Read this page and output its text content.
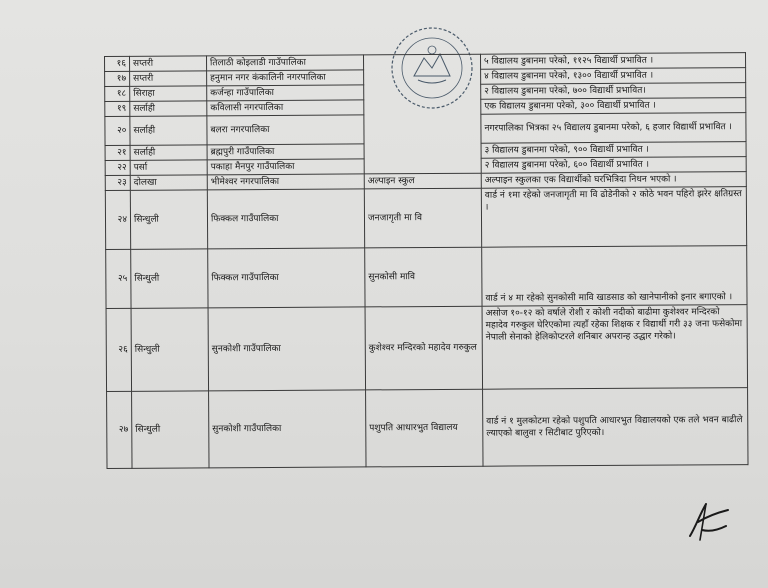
१६	सप्तरी	तिलाठी कोइलाडी गाउँपालिका		५ विद्यालय डुबानमा परेको, ११२५ विद्यार्थी प्रभावित ।
१७	सप्तरी	हनुमान नगर कंकालिनी नगरपालिका		४ विद्यालय डुबानमा परेको, १३०० विद्यार्थी प्रभावित ।
१८	सिराहा	कर्जन्हा गाउँपालिका		२ विद्यालय डुबानमा परेको, ७०० विद्यार्थी प्रभावित।
१९	सर्लाही	कविलासी नगरपालिका		एक विद्यालय डुबानमा परेको, ३०० विद्यार्थी प्रभावित ।
२०	सर्लाही	बलरा नगरपालिका		नगरपालिका भित्रका २५ विद्यालय डुबानमा परेको, ६ हजार विद्यार्थी प्रभावित ।
२१	सर्लाही	ब्रह्मपुरी गाउँपालिका		३ विद्यालय डुबानमा परेको, ९०० विद्यार्थी प्रभावित ।
२२	पर्सा	पकाहा मैनपुर गाउँपालिका		२ विद्यालय डुबानमा परेको, ६०० विद्यार्थी प्रभावित ।
२३	दोलखा	भीमेश्वर नगरपालिका	अल्पाइन स्कुल	अल्पाइन स्कुलका एक विद्यार्थीको घरभित्रिदा निधन भएको ।
२४	सिन्धुली	फिक्कल गाउँपालिका	जनजागृती मा वि	वार्ड नं १मा रहेको जनजागृती मा वि ढोडेनीको २ कोठे भवन पहिरो झरेर क्षतिग्रस्त ।
२५	सिन्धुली	फिक्कल गाउँपालिका	सुनकोसी मावि	वार्ड नं ४ मा रहेको सुनकोसी मावि खाडसाड को खानेपानीको इनार बगाएको ।
२६	सिन्धुली	सुनकोशी गाउँपालिका	कुशेश्वर मन्दिरको महादेव गरुकुल	असोज १०-१२ को वर्षाले रोशी र कोशी नदीको बाढीमा कुशेश्वर मन्दिरको महादेव गरुकुल घेरिएकोमा त्यहाँ रहेका शिक्षक र विद्यार्थी गरी ३३ जना फसेकोमा नेपाली सेनाको हेलिकोप्टरले शनिबार अपरान्ह उद्धार गरेको।
२७	सिन्धुली	सुनकोशी गाउँपालिका	पशुपति आधारभुत विद्यालय	वार्ड नं १ मुलकोटमा रहेको पशुपति आधारभुत विद्यालयको एक तले भवन बाढीले ल्याएको बालुवा र सिटीबाट पुरिएको।
